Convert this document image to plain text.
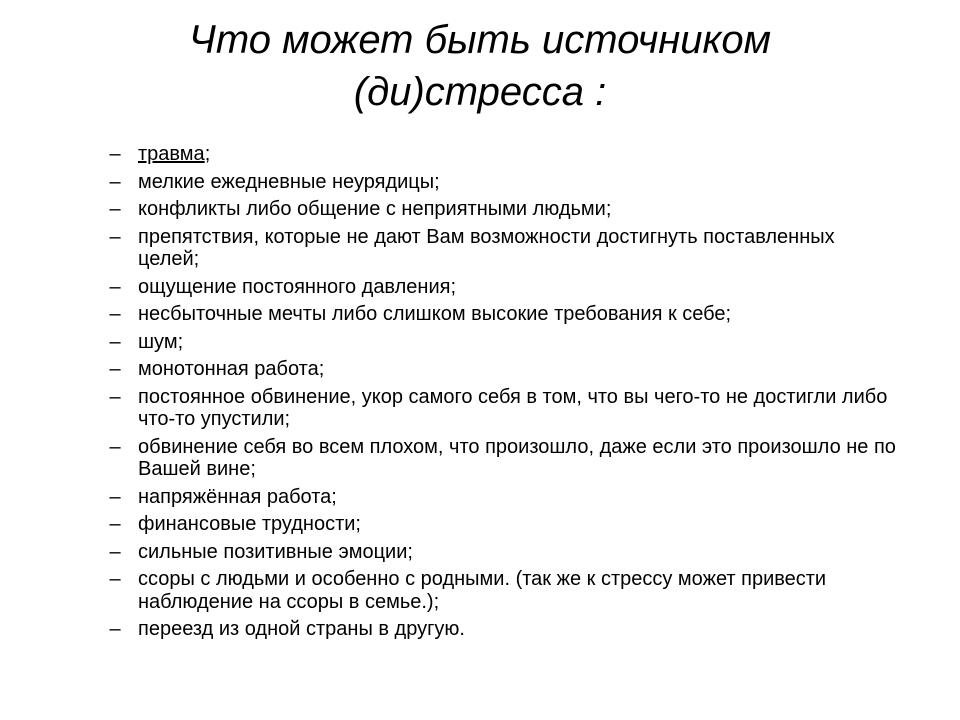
Что может быть источником
(ди)стресса :
– травма;
– мелкие ежедневные неурядицы;
– конфликты либо общение с неприятными людьми;
– препятствия, которые не дают Вам возможности достигнуть поставленных целей;
– ощущение постоянного давления;
– несбыточные мечты либо слишком высокие требования к себе;
– шум;
– монотонная работа;
– постоянное обвинение, укор самого себя в том, что вы чего-то не достигли либо что-то упустили;
– обвинение себя во всем плохом, что произошло, даже если это произошло не по Вашей вине;
– напряжённая работа;
– финансовые трудности;
– сильные позитивные эмоции;
– ссоры с людьми и особенно с родными. (так же к стрессу может привести наблюдение на ссоры в семье.);
– переезд из одной страны в другую.
